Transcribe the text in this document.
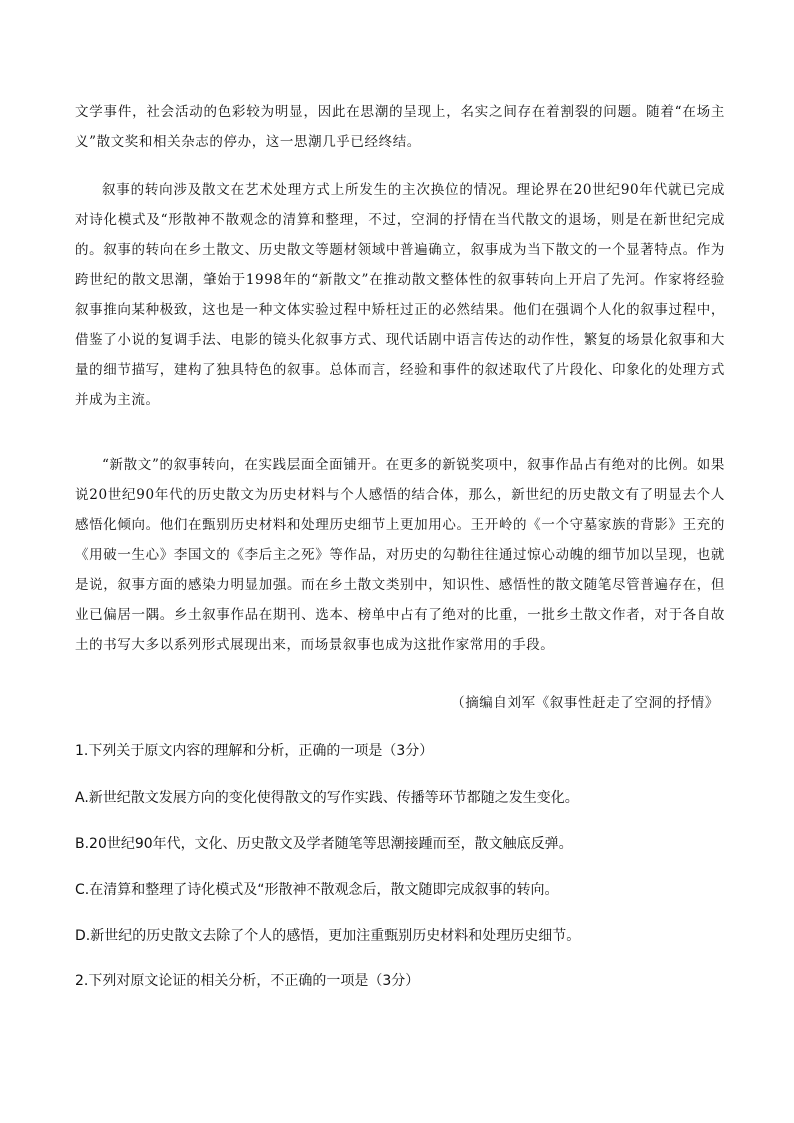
文学事件，社会活动的色彩较为明显，因此在思潮的呈现上，名实之间存在着割裂的问题。随着“在场主义”散文奖和相关杂志的停办，这一思潮几乎已经终结。

叙事的转向涉及散文在艺术处理方式上所发生的主次换位的情况。理论界在20世纪90年代就已完成对诗化模式及“形散神不散观念的清算和整理，不过，空洞的抒情在当代散文的退场，则是在新世纪完成的。叙事的转向在乡土散文、历史散文等题材领域中普遍确立，叙事成为当下散文的一个显著特点。作为跨世纪的散文思潮，肇始于1998年的“新散文”在推动散文整体性的叙事转向上开启了先河。作家将经验叙事推向某种极致，这也是一种文体实验过程中矫枉过正的必然结果。他们在强调个人化的叙事过程中，借鉴了小说的复调手法、电影的镜头化叙事方式、现代话剧中语言传达的动作性，繁复的场景化叙事和大量的细节描写，建构了独具特色的叙事。总体而言，经验和事件的叙述取代了片段化、印象化的处理方式并成为主流。

“新散文”的叙事转向，在实践层面全面铺开。在更多的新锐奖项中，叙事作品占有绝对的比例。如果说20世纪90年代的历史散文为历史材料与个人感悟的结合体，那么，新世纪的历史散文有了明显去个人感悟化倾向。他们在甄别历史材料和处理历史细节上更加用心。王开岭的《一个守墓家族的背影》王充的《用破一生心》李国文的《李后主之死》等作品，对历史的勾勒往往通过惊心动魄的细节加以呈现，也就是说，叙事方面的感染力明显加强。而在乡土散文类别中，知识性、感悟性的散文随笔尽管普遍存在，但业已偏居一隅。乡土叙事作品在期刊、选本、榜单中占有了绝对的比重，一批乡土散文作者，对于各自故土的书写大多以系列形式展现出来，而场景叙事也成为这批作家常用的手段。

（摘编自刘军《叙事性赶走了空洞的抒情》
1.下列关于原文内容的理解和分析，正确的一项是（3分）
A.新世纪散文发展方向的变化使得散文的写作实践、传播等环节都随之发生变化。
B.20世纪90年代，文化、历史散文及学者随笔等思潮接踵而至，散文触底反弹。
C.在清算和整理了诗化模式及“形散神不散观念后，散文随即完成叙事的转向。
D.新世纪的历史散文去除了个人的感悟，更加注重甄别历史材料和处理历史细节。
2.下列对原文论证的相关分析，不正确的一项是（3分）
